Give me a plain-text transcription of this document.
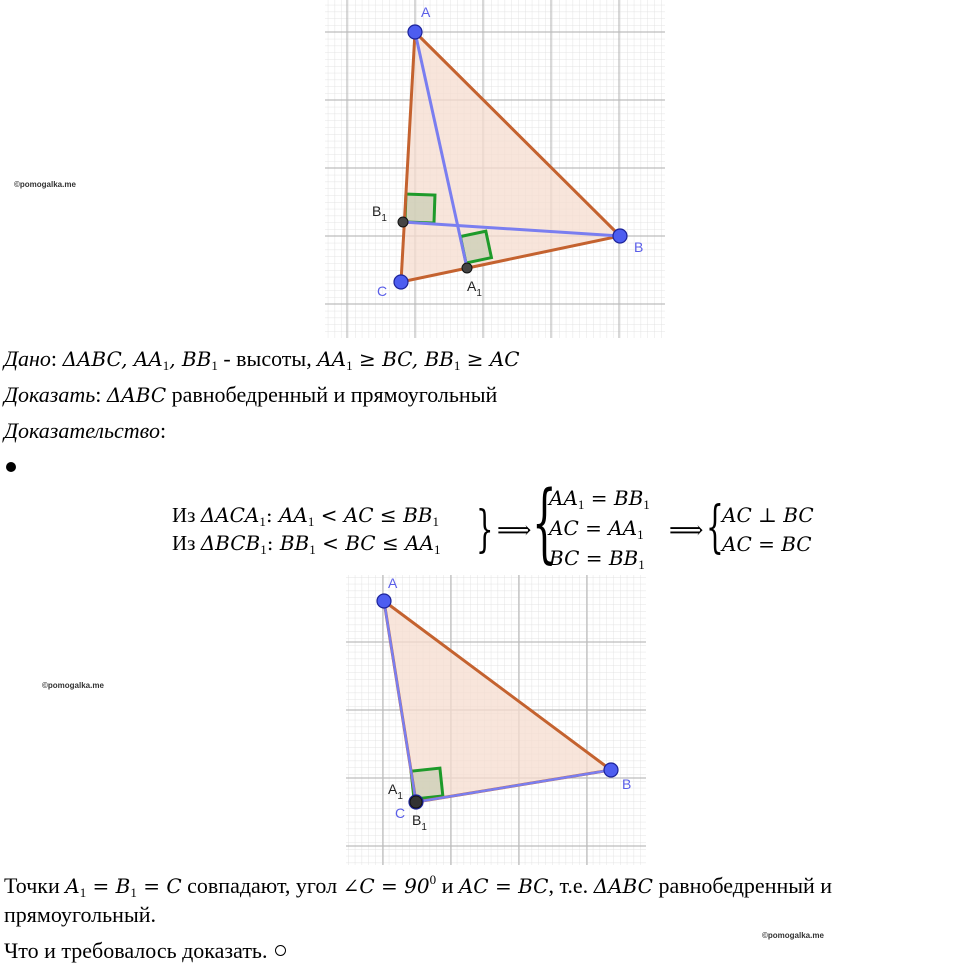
A
B
C
$B_1$
$A_1$
©pomogalka.me
Дано: ΔABC, $AA_1$, $BB_1$ - высоты, $AA_1$ ≥ BC, $BB_1$ ≥ AC
Доказать: ΔABC равнобедренный и прямоугольный
Доказательство:
Из $\Delta ACA_1$: $AA_1$ < AC ≤ $BB_1$
Из $\Delta BCB_1$: $BB_1$ < BC ≤ $AA_1$ } ⟹ {
$AA_1 = BB_1$
AC = $AA_1$
BC = $BB_1$
⟹ {
AC ⊥ BC
AC = BC
A
B
C
$A_1$
$B_1$
©pomogalka.me
Точки $A_1 = B_1 = C$ совпадают, угол ∠C = $90^0$ и AC = BC, т.е. ΔABC равнобедренный и
прямоугольный.
Что и требовалось доказать.
©pomogalka.me
